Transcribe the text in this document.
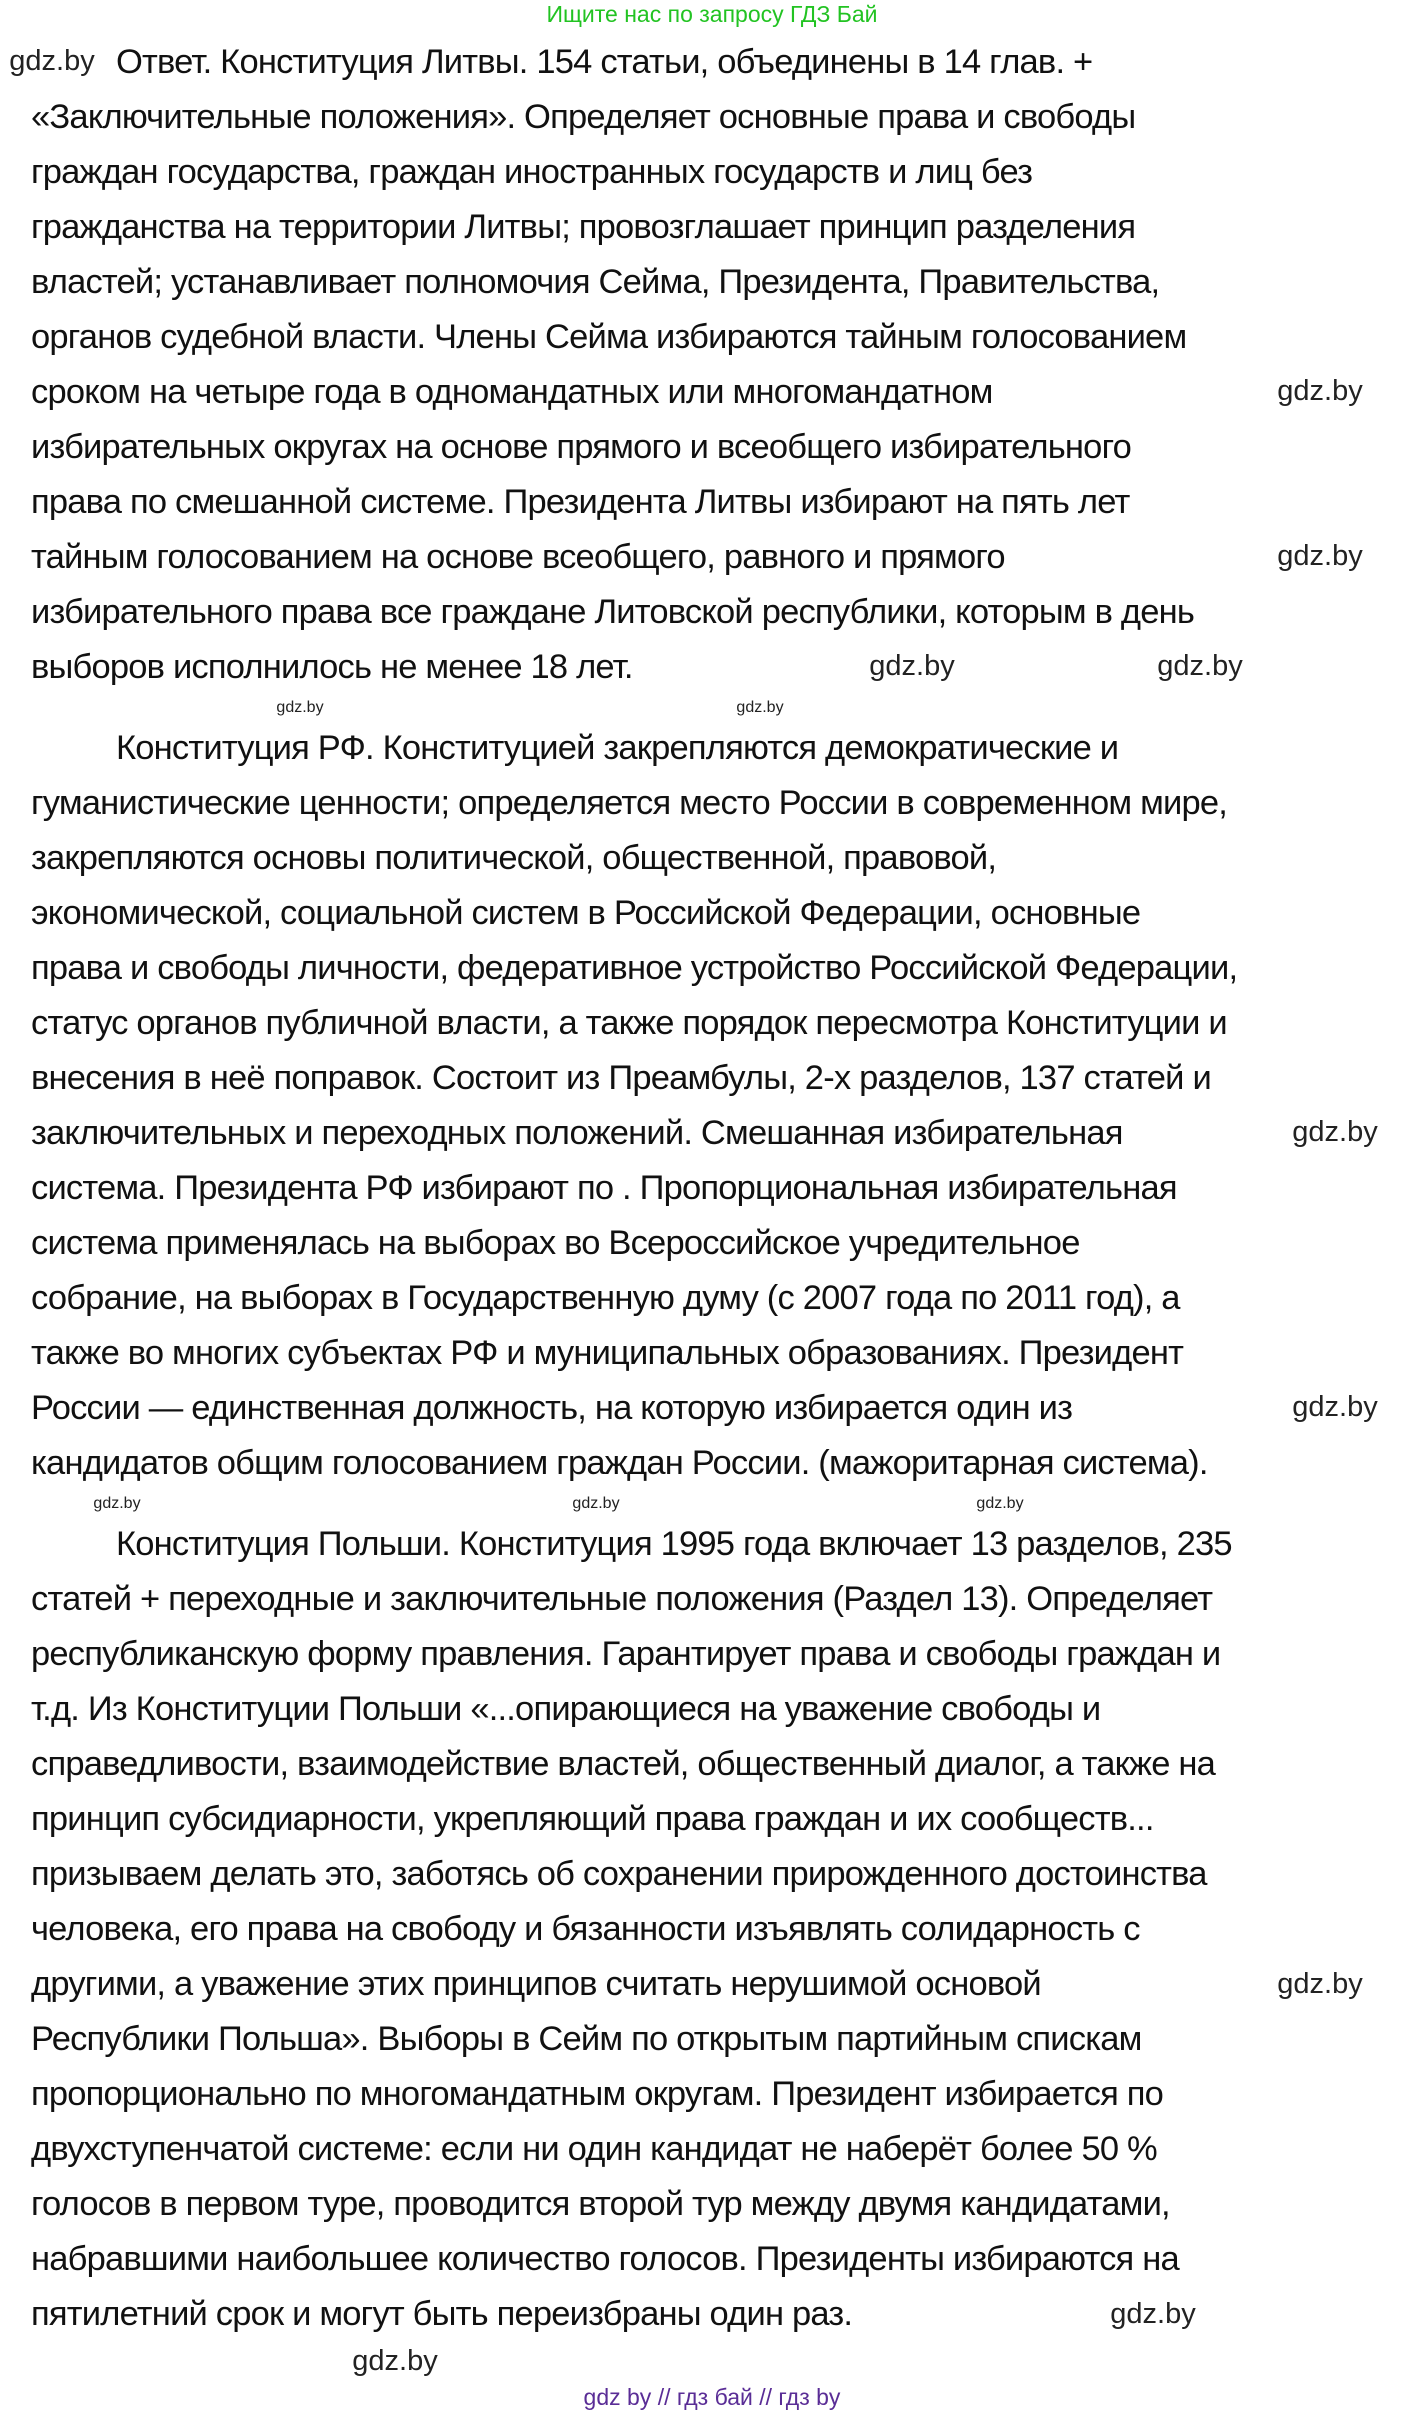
Ищите нас по запросу ГДЗ Бай
Ответ. Конституция Литвы. 154 статьи, объединены в 14 глав. +
«Заключительные положения». Определяет основные права и свободы
граждан государства, граждан иностранных государств и лиц без
гражданства на территории Литвы; провозглашает принцип разделения
властей; устанавливает полномочия Сейма, Президента, Правительства,
органов судебной власти. Члены Сейма избираются тайным голосованием
сроком на четыре года в одномандатных или многомандатном
избирательных округах на основе прямого и всеобщего избирательного
права по смешанной системе. Президента Литвы избирают на пять лет
тайным голосованием на основе всеобщего, равного и прямого
избирательного права все граждане Литовской республики, которым в день
выборов исполнилось не менее 18 лет.
Конституция РФ. Конституцией закрепляются демократические и
гуманистические ценности; определяется место России в современном мире,
закрепляются основы политической, общественной, правовой,
экономической, социальной систем в Российской Федерации, основные
права и свободы личности, федеративное устройство Российской Федерации,
статус органов публичной власти, а также порядок пересмотра Конституции и
внесения в неё поправок. Состоит из Преамбулы, 2-х разделов, 137 статей и
заключительных и переходных положений. Смешанная избирательная
система. Президента РФ избирают по . Пропорциональная избирательная
система применялась на выборах во Всероссийское учредительное
собрание, на выборах в Государственную думу (с 2007 года по 2011 год), а
также во многих субъектах РФ и муниципальных образованиях. Президент
России — единственная должность, на которую избирается один из
кандидатов общим голосованием граждан России. (мажоритарная система).
Конституция Польши. Конституция 1995 года включает 13 разделов, 235
статей + переходные и заключительные положения (Раздел 13). Определяет
республиканскую форму правления. Гарантирует права и свободы граждан и
т.д. Из Конституции Польши «...опирающиеся на уважение свободы и
справедливости, взаимодействие властей, общественный диалог, а также на
принцип субсидиарности, укрепляющий права граждан и их сообществ...
призываем делать это, заботясь об сохранении прирожденного достоинства
человека, его права на свободу и бязанности изъявлять солидарность с
другими, а уважение этих принципов считать нерушимой основой
Республики Польша». Выборы в Сейм по открытым партийным спискам
пропорционально по многомандатным округам. Президент избирается по
двухступенчатой системе: если ни один кандидат не наберёт более 50 %
голосов в первом туре, проводится второй тур между двумя кандидатами,
набравшими наибольшее количество голосов. Президенты избираются на
пятилетний срок и могут быть переизбраны один раз.
gdz.by
gdz.by
gdz.by
gdz.by
gdz.by	gdz.by
gdz.by
gdz.by
gdz.by
gdz.by
gdz.by
gdz.by
gdz.by
gdz.by
gdz.by
gdz by // гдз бай // гдз by
